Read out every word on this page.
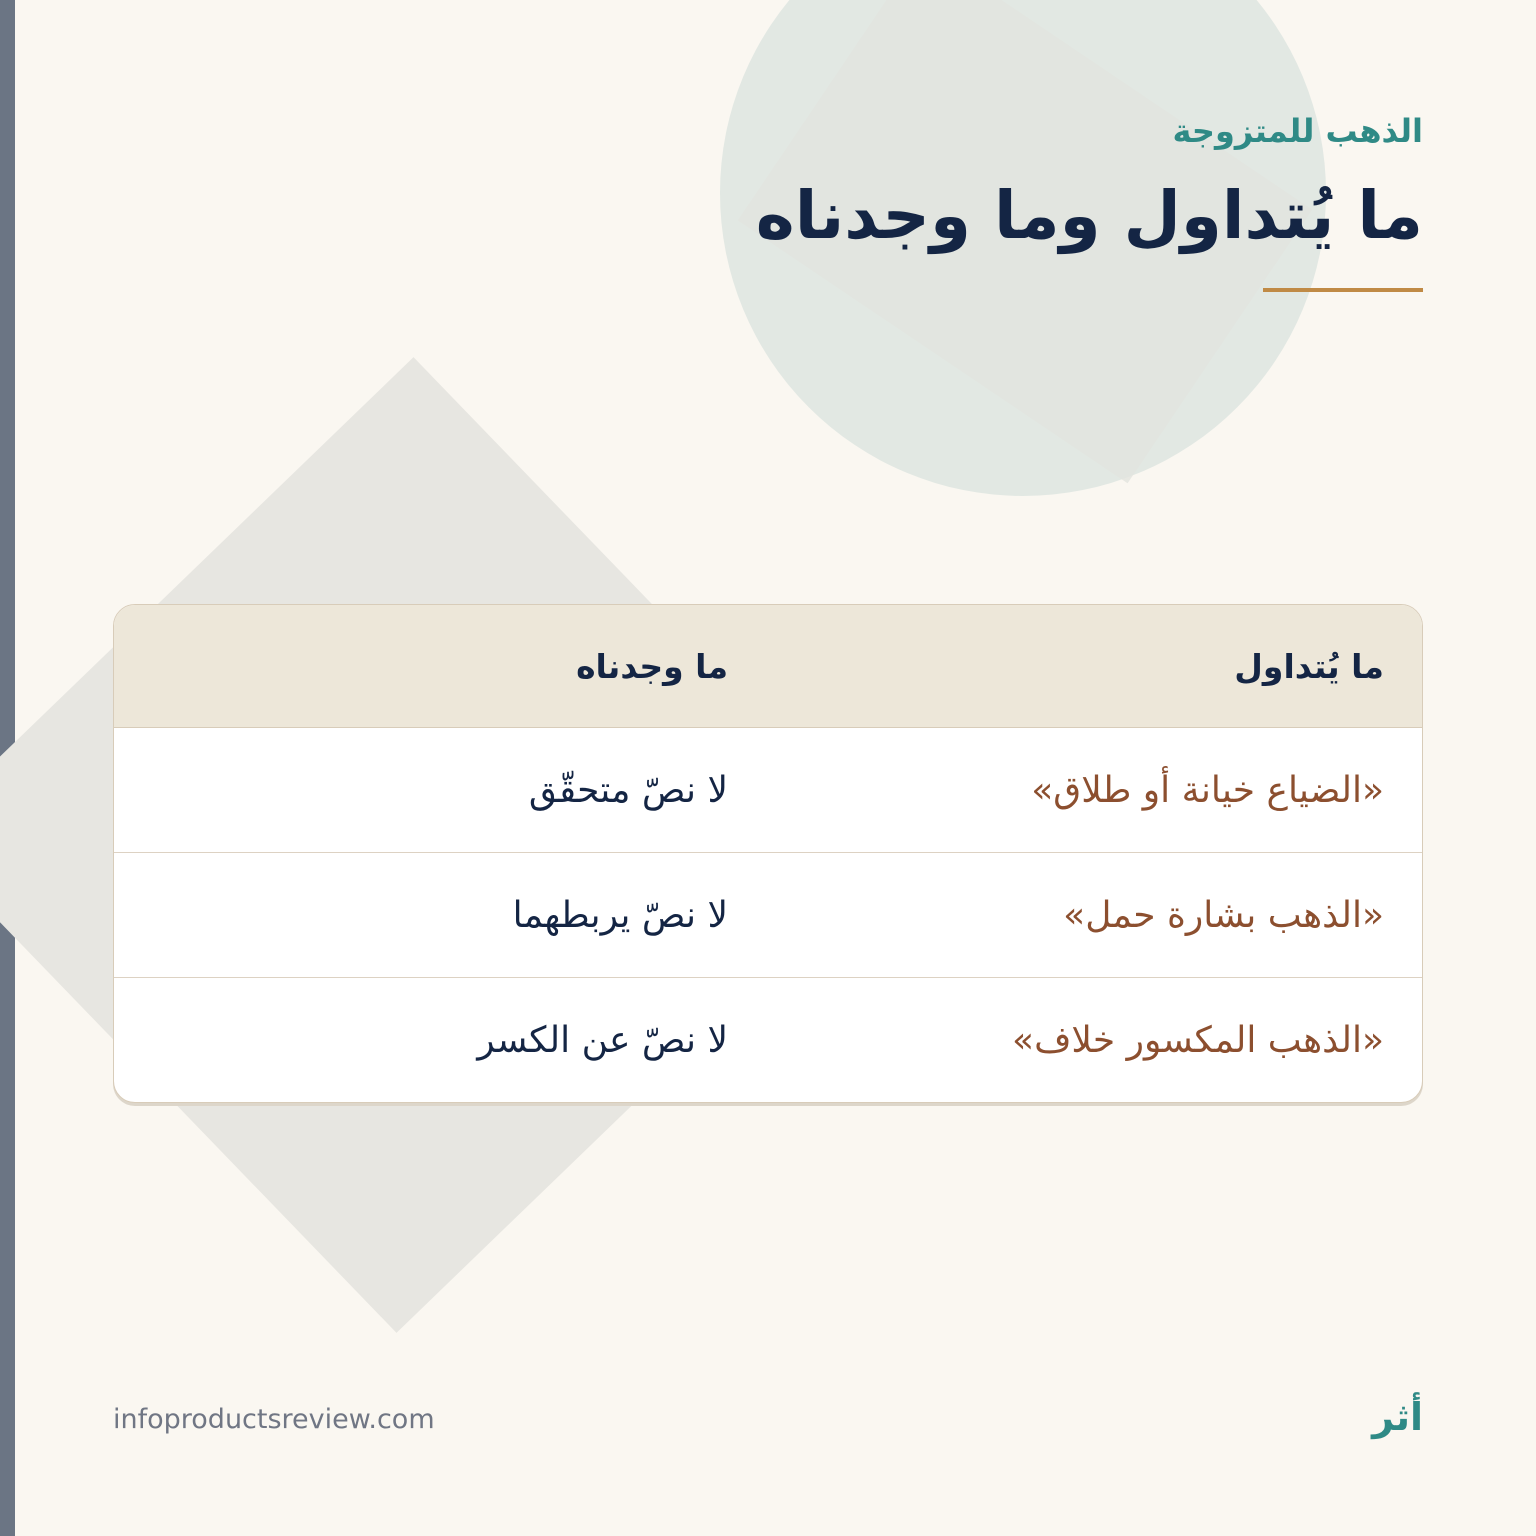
الذهب للمتزوجة
ما يُتداول وما وجدناه
ما يُتداول
ما وجدناه
«الضياع خيانة أو طلاق»
لا نصّ متحقّق
«الذهب بشارة حمل»
لا نصّ يربطهما
«الذهب المكسور خلاف»
لا نصّ عن الكسر
infoproductsreview.com	أثر
